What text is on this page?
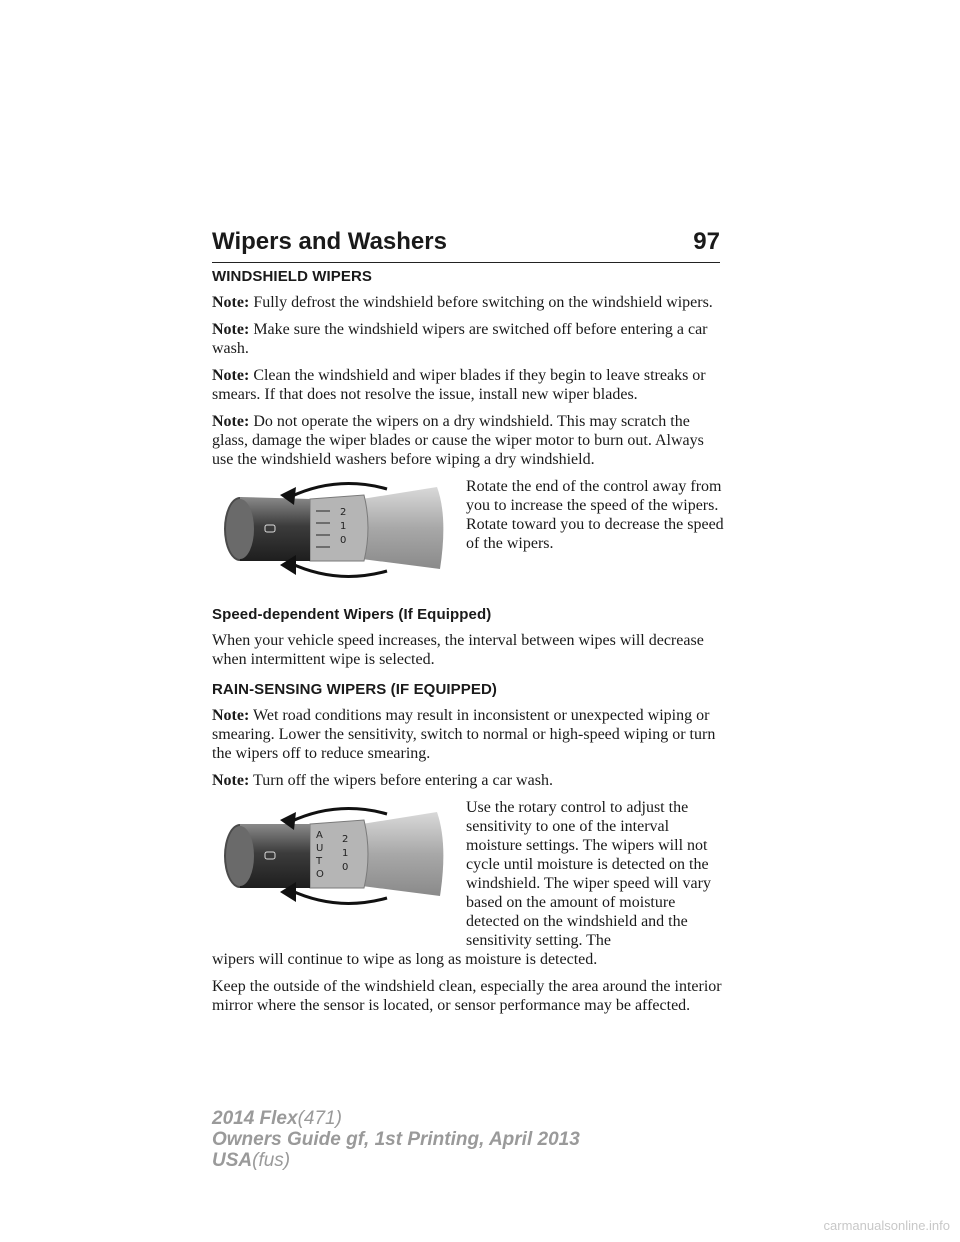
Wipers and Washers	97
WINDSHIELD WIPERS

Note: Fully defrost the windshield before switching on the windshield wipers.

Note: Make sure the windshield wipers are switched off before entering a car wash.

Note: Clean the windshield and wiper blades if they begin to leave streaks or smears. If that does not resolve the issue, install new wiper blades.

Note: Do not operate the wipers on a dry windshield. This may scratch the glass, damage the wiper blades or cause the wiper motor to burn out. Always use the windshield washers before wiping a dry windshield.

2
1
0

Rotate the end of the control away from you to increase the speed of the wipers. Rotate toward you to decrease the speed of the wipers.

Speed-dependent Wipers (If Equipped)

When your vehicle speed increases, the interval between wipes will decrease when intermittent wipe is selected.

RAIN-SENSING WIPERS (IF EQUIPPED)

Note: Wet road conditions may result in inconsistent or unexpected wiping or smearing. Lower the sensitivity, switch to normal or high-speed wiping or turn the wipers off to reduce smearing.

Note: Turn off the wipers before entering a car wash.

A
U
T
O
2
1
0

Use the rotary control to adjust the sensitivity to one of the interval moisture settings. The wipers will not cycle until moisture is detected on the windshield. The wiper speed will vary based on the amount of moisture detected on the windshield and the sensitivity setting. The

wipers will continue to wipe as long as moisture is detected.

Keep the outside of the windshield clean, especially the area around the interior mirror where the sensor is located, or sensor performance may be affected.

2014 Flex(471)
Owners Guide gf, 1st Printing, April 2013
USA(fus)
carmanualsonline.info
